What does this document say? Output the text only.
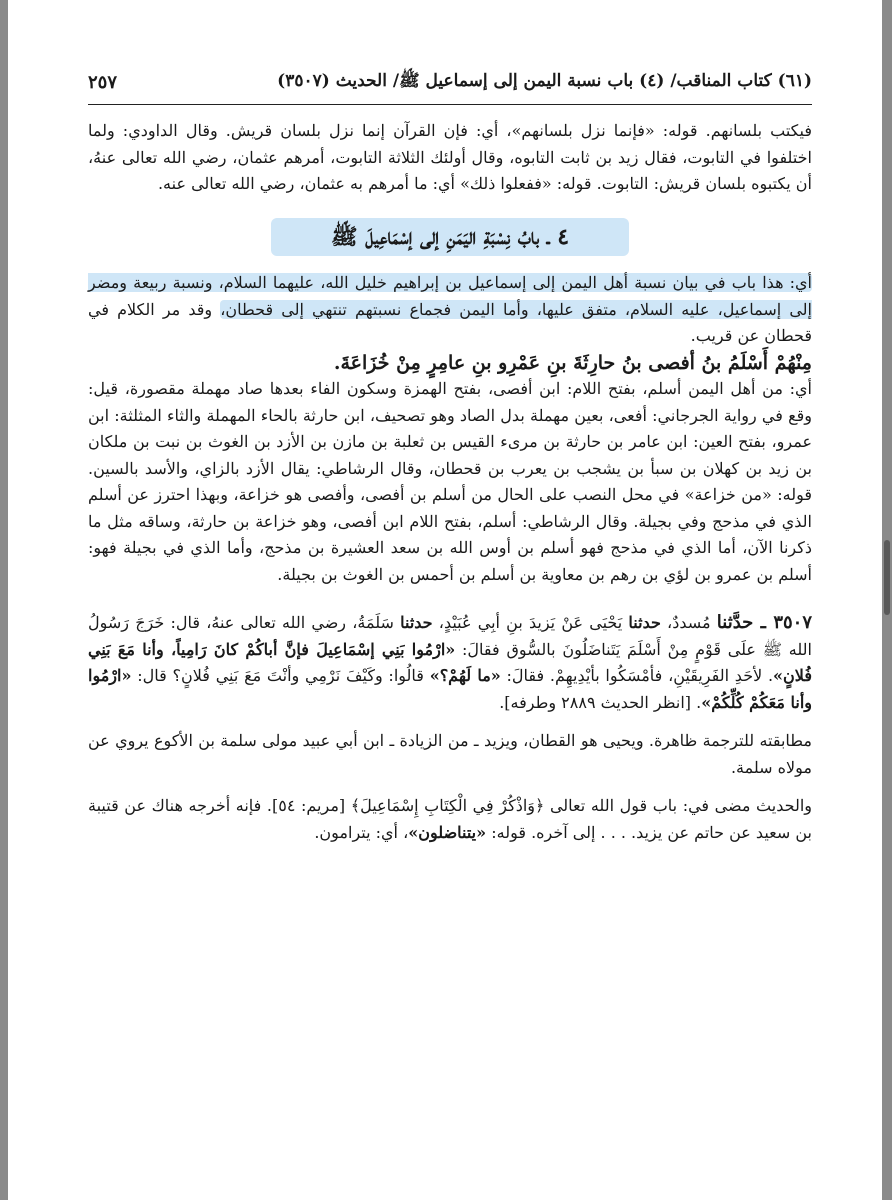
(٦١) كتاب المناقب/ (٤) باب نسبة اليمن إلى إسماعيل ﷺ/ الحديث (٣٥٠٧)
٢٥٧

فيكتب بلسانهم. قوله: «فإنما نزل بلسانهم»، أي: فإن القرآن إنما نزل بلسان قريش. وقال الداودي: ولما اختلفوا في التابوت، فقال زيد بن ثابت التابوه، وقال أولئك الثلاثة التابوت، أمرهم عثمان، رضي الله تعالى عنهُ، أن يكتبوه بلسان قريش: التابوت. قوله: «ففعلوا ذلك» أي: ما أمرهم به عثمان، رضي الله تعالى عنه.

٤ ـ بابُ نِسْبَةِ اليَمَنِ إلى إسْمَاعِيلَ ﷺ

أي: هذا باب في بيان نسبة أهل اليمن إلى إسماعيل بن إبراهيم خليل الله، عليهما السلام، ونسبة ربيعة ومضر إلى إسماعيل، عليه السلام، متفق عليها، وأما اليمن فجماع نسبتهم تنتهي إلى قحطان، وقد مر الكلام في قحطان عن قريب.

مِنْهُمْ أَسْلَمُ بنُ أفصى بنُ حارِثَةَ بنِ عَمْرِو بنِ عامِرٍ مِنْ خُزَاعَةَ.

أي: من أهل اليمن أسلم، بفتح اللام: ابن أفصى، بفتح الهمزة وسكون الفاء بعدها صاد مهملة مقصورة، قيل: وقع في رواية الجرجاني: أفعى، بعين مهملة بدل الصاد وهو تصحيف، ابن حارثة بالحاء المهملة والثاء المثلثة: ابن عمرو، بفتح العين: ابن عامر بن حارثة بن مرىء القيس بن ثعلبة بن مازن بن الأزد بن الغوث بن نبت بن ملكان بن زيد بن كهلان بن سبأ بن يشجب بن يعرب بن قحطان، وقال الرشاطي: يقال الأزد بالزاي، والأسد بالسين. قوله: «من خزاعة» في محل النصب على الحال من أسلم بن أفصى، وأفصى هو خزاعة، وبهذا احترز عن أسلم الذي في مذحج وفي بجيلة. وقال الرشاطي: أسلم، بفتح اللام ابن أفصى، وهو خزاعة بن حارثة، وساقه مثل ما ذكرنا الآن، أما الذي في مذحج فهو أسلم بن أوس الله بن سعد العشيرة بن مذحج، وأما الذي في بجيلة فهو: أسلم بن عمرو بن لؤي بن رهم بن معاوية بن أسلم بن أحمس بن الغوث بن بجيلة.

٣٥٠٧ ـ حدَّثنا مُسددٌ، حدثنا يَحْيَى عَنْ يَزيدَ بنِ أبِي عُبَيْدٍ، حدثنا سَلَمَةُ، رضي الله تعالى عنهُ، قال: خَرَجَ رَسُولُ الله ﷺ علَى قَوْمٍ مِنْ أَسْلَمَ يَتَناضَلُونَ بالسُّوق فقالَ: «ارْمُوا بَنِي إسْمَاعِيلَ فإنَّ أباكُمْ كانَ رَامِياً، وأنا مَعَ بَنِي فُلانٍ». لأحَدِ الفَرِيقَيْنِ، فأمْسَكُوا بأيْدِيهِمْ. فقالَ: «ما لَهُمْ؟» قالُوا: وكَيْفَ نَرْمِي وأنْتَ مَعَ بَنِي فُلانٍ؟ قال: «ارْمُوا وأنا مَعَكُمْ كُلِّكُمْ». [انظر الحديث ٢٨٨٩ وطرفه].

مطابقته للترجمة ظاهرة. ويحيى هو القطان، ويزيد ـ من الزيادة ـ ابن أبي عبيد مولى سلمة بن الأكوع يروي عن مولاه سلمة.

والحديث مضى في: باب قول الله تعالى ﴿وَاذْكُرْ فِي الْكِتَابِ إِسْمَاعِيلَ﴾ [مريم: ٥٤]. فإنه أخرجه هناك عن قتيبة بن سعيد عن حاتم عن يزيد. . . . إلى آخره. قوله: «يتناضلون»، أي: يترامون.
